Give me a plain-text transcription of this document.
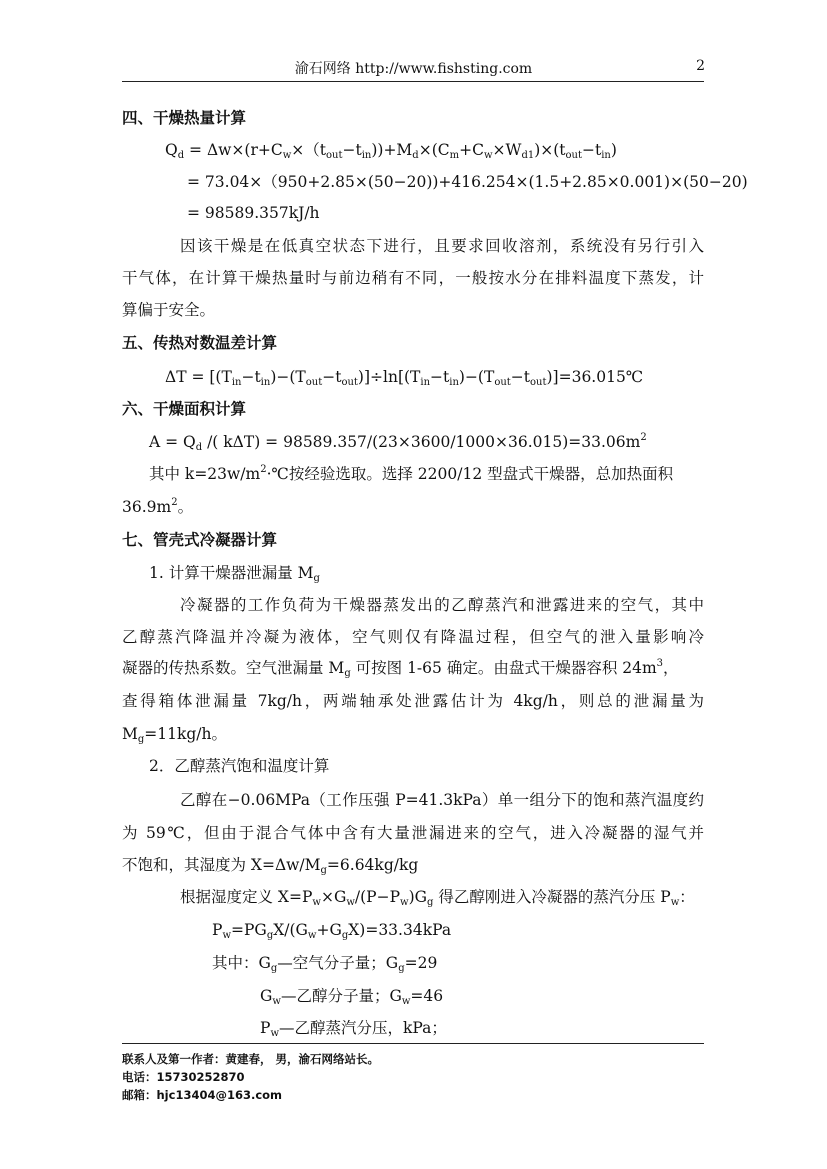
渝石网络 http://www.fishsting.com	2
四、干燥热量计算
$Q_d = \Delta w\times(r+C_w\times(t_{out}-t_{in}))+M_d\times(C_m+C_w\times W_{d1})\times(t_{out}-t_{in})$
= 73.04×（950+2.85×(50−20))+416.254×(1.5+2.85×0.001)×(50−20)
= 98589.357kJ/h
因该干燥是在低真空状态下进行，且要求回收溶剂，系统没有另行引入
干气体，在计算干燥热量时与前边稍有不同，一般按水分在排料温度下蒸发，计
算偏于安全。
五、传热对数温差计算
$\Delta T = [(T_{in}-t_{in})-(T_{out}-t_{out})]\div\ln[(T_{in}-t_{in})-(T_{out}-t_{out})]=36.015℃$
六、干燥面积计算
$A = Q_d$ /( $k\Delta T) = 98589.357/(23\times 3600/1000\times 36.015)=33.06m^2$
其中 $k=23w/m^2\cdot℃$按经验选取。选择 2200/12 型盘式干燥器，总加热面积
$36.9m^2$。
七、管壳式冷凝器计算
1. 计算干燥器泄漏量 $M_g$
冷凝器的工作负荷为干燥器蒸发出的乙醇蒸汽和泄露进来的空气，其中
乙醇蒸汽降温并冷凝为液体，空气则仅有降温过程，但空气的泄入量影响冷
凝器的传热系数。空气泄漏量 $M_g$ 可按图 1-65 确定。由盘式干燥器容积 $24m^3$，
查得箱体泄漏量 7kg/h，两端轴承处泄露估计为 4kg/h，则总的泄漏量为
$M_g=11kg/h$。
2．乙醇蒸汽饱和温度计算
乙醇在−0.06MPa（工作压强 P=41.3kPa）单一组分下的饱和蒸汽温度约
为 59℃，但由于混合气体中含有大量泄漏进来的空气，进入冷凝器的湿气并
不饱和，其湿度为 $X=\Delta w/M_g=6.64kg/kg$
根据湿度定义 $X=P_w\times G_w/(P-P_w)G_g$ 得乙醇刚进入冷凝器的蒸汽分压 $P_w$：
$P_w=PG_gX/(G_w+G_gX)=33.34kPa$
其中：$G_g—$空气分子量；$G_g=29$
$G_w—$乙醇分子量；$G_w=46$
$P_w—$乙醇蒸汽分压，kPa；
联系人及第一作者：黄建春， 男，渝石网络站长。
电话：15730252870
邮箱：hjc13404@163.com
